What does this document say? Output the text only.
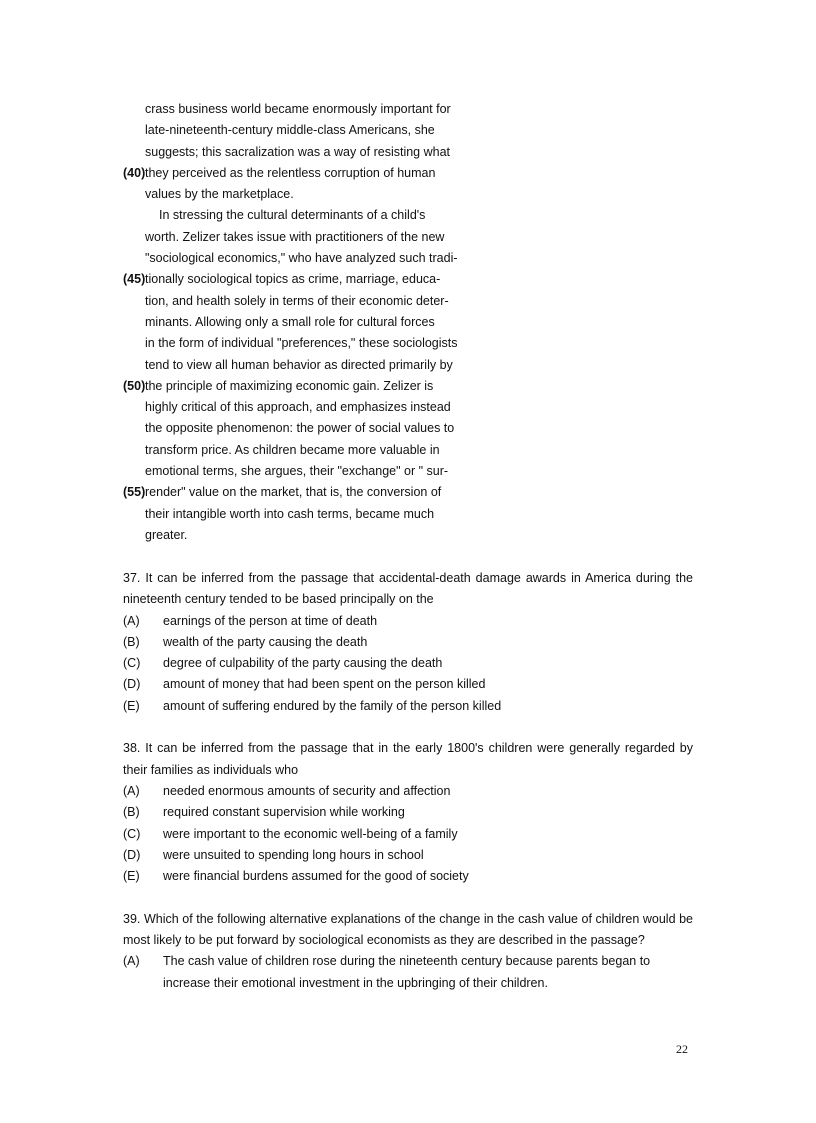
crass business world became enormously important for
late-nineteenth-century middle-class Americans, she
suggests; this sacralization was a way of resisting what
(40) they perceived as the relentless corruption of human
values by the marketplace.
In stressing the cultural determinants of a child's
worth. Zelizer takes issue with practitioners of the new
"sociological economics," who have analyzed such tradi-
(45) tionally sociological topics as crime, marriage, educa-
tion, and health solely in terms of their economic deter-
minants. Allowing only a small role for cultural forces
in the form of individual "preferences," these sociologists
tend to view all human behavior as directed primarily by
(50) the principle of maximizing economic gain. Zelizer is
highly critical of this approach, and emphasizes instead
the opposite phenomenon: the power of social values to
transform price. As children became more valuable in
emotional terms, she argues, their "exchange" or " sur-
(55) render" value on the market, that is, the conversion of
their intangible worth into cash terms, became much
greater.
37. It can be inferred from the passage that accidental-death damage awards in America during the nineteenth century tended to be based principally on the
(A) earnings of the person at time of death
(B) wealth of the party causing the death
(C) degree of culpability of the party causing the death
(D) amount of money that had been spent on the person killed
(E) amount of suffering endured by the family of the person killed
38. It can be inferred from the passage that in the early 1800's children were generally regarded by their families as individuals who
(A) needed enormous amounts of security and affection
(B) required constant supervision while working
(C) were important to the economic well-being of a family
(D) were unsuited to spending long hours in school
(E) were financial burdens assumed for the good of society
39. Which of the following alternative explanations of the change in the cash value of children would be most likely to be put forward by sociological economists as they are described in the passage?
(A) The cash value of children rose during the nineteenth century because parents began to increase their emotional investment in the upbringing of their children.
22
